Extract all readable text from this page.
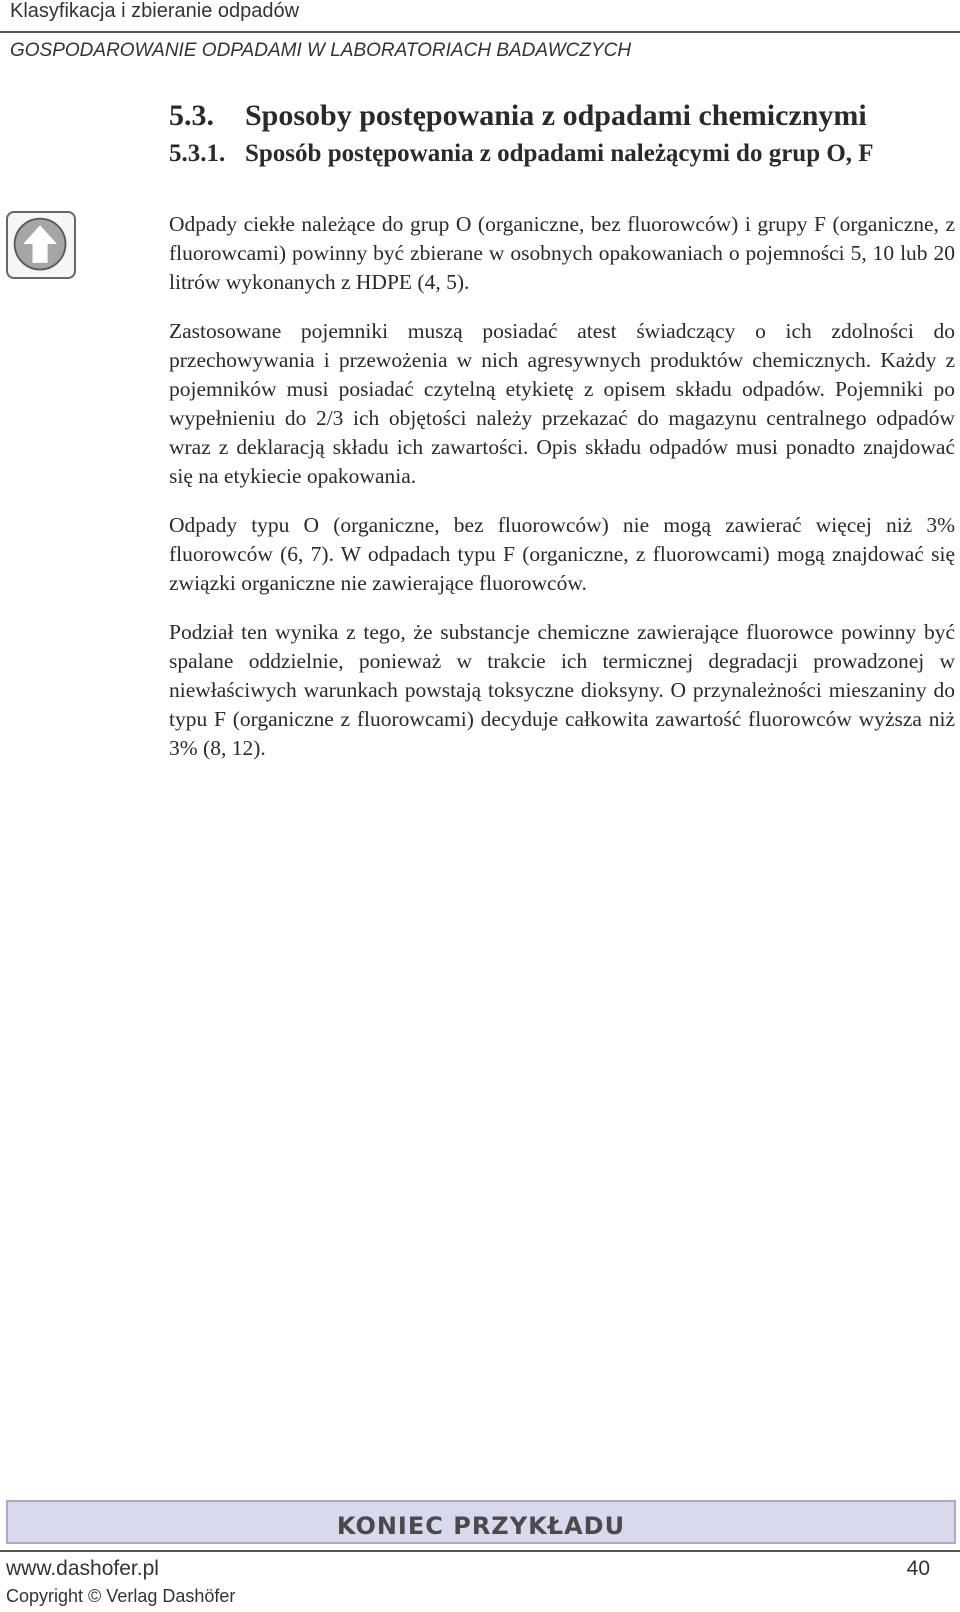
Klasyfikacja i zbieranie odpadów
GOSPODAROWANIE ODPADAMI W LABORATORIACH BADAWCZYCH
5.3. Sposoby postępowania z odpadami chemicznymi
5.3.1. Sposób postępowania z odpadami należącymi do grup O, F

Odpady ciekłe należące do grup O (organiczne, bez fluorowców) i grupy F (organiczne, z fluorowcami) powinny być zbierane w osobnych opakowaniach o pojemności 5, 10 lub 20 litrów wykonanych z HDPE (4, 5).

Zastosowane pojemniki muszą posiadać atest świadczący o ich zdolności do przechowywania i przewożenia w nich agresywnych produktów chemicznych. Każdy z pojemników musi posiadać czytelną etykietę z opisem składu odpadów. Pojemniki po wypełnieniu do 2/3 ich objętości należy przekazać do magazynu centralnego odpadów wraz z deklaracją składu ich zawartości. Opis składu odpadów musi ponadto znajdować się na etykiecie opakowania.

Odpady typu O (organiczne, bez fluorowców) nie mogą zawierać więcej niż 3% fluorowców (6, 7). W odpadach typu F (organiczne, z fluorowcami) mogą znajdować się związki organiczne nie zawierające fluorowców.

Podział ten wynika z tego, że substancje chemiczne zawierające fluorowce powinny być spalane oddzielnie, ponieważ w trakcie ich termicznej degradacji prowadzonej w niewłaściwych warunkach powstają toksyczne dioksyny. O przynależności mieszaniny do typu F (organiczne z fluorowcami) decyduje całkowita zawartość fluorowców wyższa niż 3% (8, 12).

KONIEC PRZYKŁADU
www.dashofer.pl	40
Copyright © Verlag Dashöfer
